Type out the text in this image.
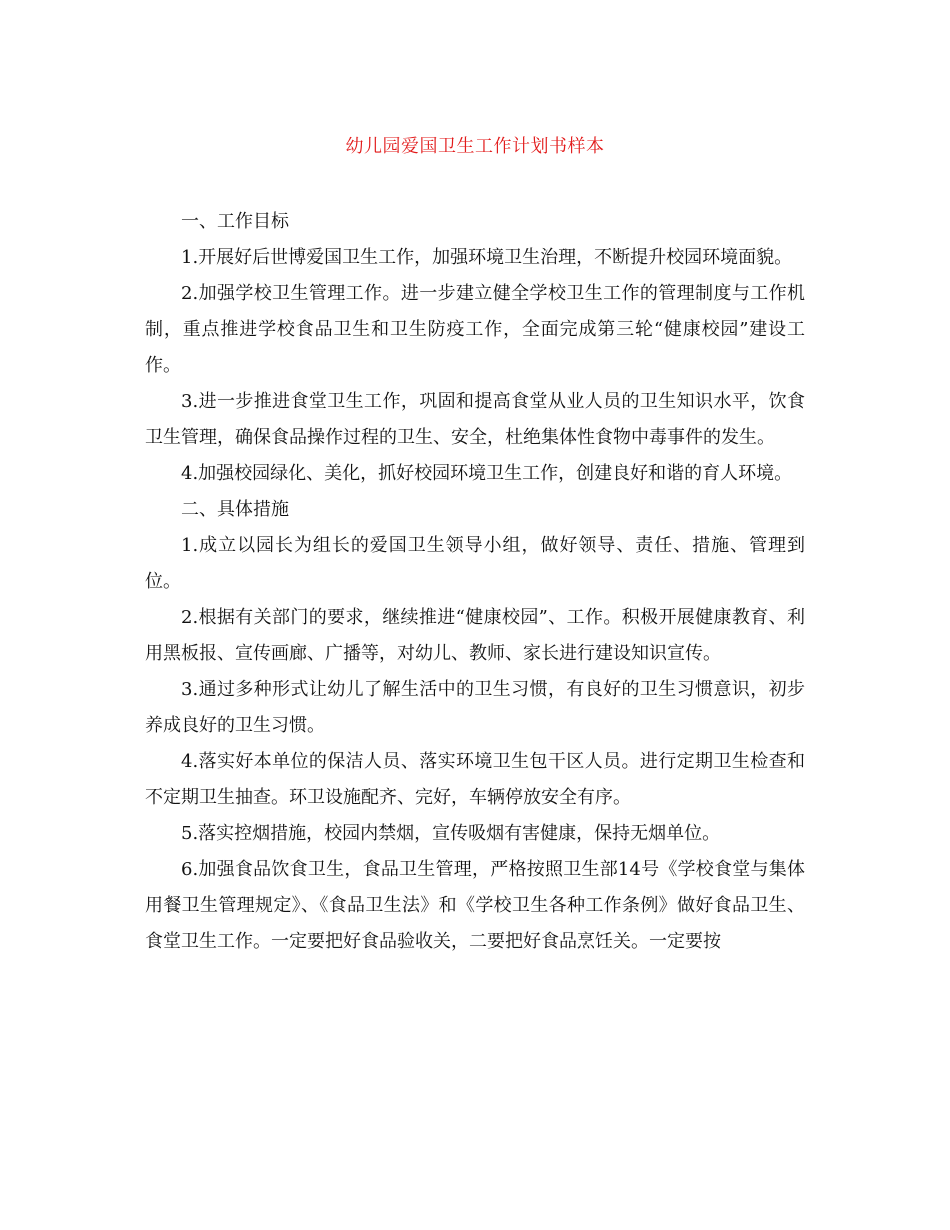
幼儿园爱国卫生工作计划书样本

一、工作目标

1.开展好后世博爱国卫生工作，加强环境卫生治理，不断提升校园环境面貌。

2.加强学校卫生管理工作。进一步建立健全学校卫生工作的管理制度与工作机制，重点推进学校食品卫生和卫生防疫工作，全面完成第三轮“健康校园”建设工作。

3.进一步推进食堂卫生工作，巩固和提高食堂从业人员的卫生知识水平，饮食卫生管理，确保食品操作过程的卫生、安全，杜绝集体性食物中毒事件的发生。

4.加强校园绿化、美化，抓好校园环境卫生工作，创建良好和谐的育人环境。

二、具体措施

1.成立以园长为组长的爱国卫生领导小组，做好领导、责任、措施、管理到位。

2.根据有关部门的要求，继续推进“健康校园”、工作。积极开展健康教育、利用黑板报、宣传画廊、广播等，对幼儿、教师、家长进行建设知识宣传。

3.通过多种形式让幼儿了解生活中的卫生习惯，有良好的卫生习惯意识，初步养成良好的卫生习惯。

4.落实好本单位的保洁人员、落实环境卫生包干区人员。进行定期卫生检查和不定期卫生抽查。环卫设施配齐、完好，车辆停放安全有序。

5.落实控烟措施，校园内禁烟，宣传吸烟有害健康，保持无烟单位。

6.加强食品饮食卫生，食品卫生管理，严格按照卫生部14号《学校食堂与集体用餐卫生管理规定》、《食品卫生法》和《学校卫生各种工作条例》做好食品卫生、食堂卫生工作。一定要把好食品验收关，二要把好食品烹饪关。一定要按
